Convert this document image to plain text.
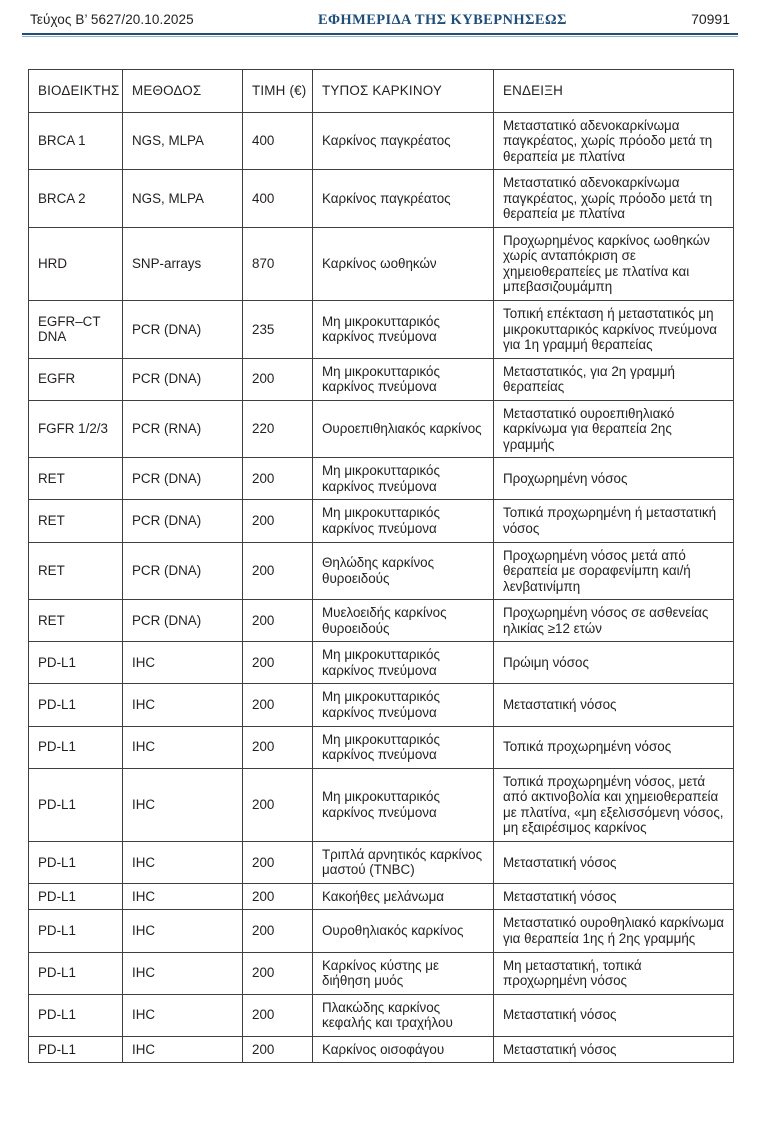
Τεύχος Β’ 5627/20.10.2025	ΕΦΗΜΕΡΙΔΑ ΤΗΣ ΚΥΒΕΡΝΗΣΕΩΣ	70991
ΒΙΟΔΕΙΚΤΗΣ	ΜΕΘΟΔΟΣ	ΤΙΜΗ (€)	ΤΥΠΟΣ ΚΑΡΚΙΝΟΥ	ΕΝΔΕΙΞΗ
BRCA 1	NGS, MLPA	400	Καρκίνος παγκρέατος	Μεταστατικό αδενοκαρκίνωμα παγκρέατος, χωρίς πρόοδο μετά τη θεραπεία με πλατίνα
BRCA 2	NGS, MLPA	400	Καρκίνος παγκρέατος	Μεταστατικό αδενοκαρκίνωμα παγκρέατος, χωρίς πρόοδο μετά τη θεραπεία με πλατίνα
HRD	SNP-arrays	870	Καρκίνος ωοθηκών	Προχωρημένος καρκίνος ωοθηκών χωρίς ανταπόκριση σε χημειοθεραπείες με πλατίνα και μπεβασιζουμάμπη
EGFR–CT DNA	PCR (DNA)	235	Μη μικροκυτταρικός καρκίνος πνεύμονα	Τοπική επέκταση ή μεταστατικός μη μικροκυτταρικός καρκίνος πνεύμονα για 1η γραμμή θεραπείας
EGFR	PCR (DNA)	200	Μη μικροκυτταρικός καρκίνος πνεύμονα	Μεταστατικός, για 2η γραμμή θεραπείας
FGFR 1/2/3	PCR (RNA)	220	Ουροεπιθηλιακός καρκίνος	Μεταστατικό ουροεπιθηλιακό καρκίνωμα για θεραπεία 2ης γραμμής
RET	PCR (DNA)	200	Μη μικροκυτταρικός καρκίνος πνεύμονα	Προχωρημένη νόσος
RET	PCR (DNA)	200	Μη μικροκυτταρικός καρκίνος πνεύμονα	Τοπικά προχωρημένη ή μεταστατική νόσος
RET	PCR (DNA)	200	Θηλώδης καρκίνος θυροειδούς	Προχωρημένη νόσος μετά από θεραπεία με σοραφενίμπη και/ή λενβατινίμπη
RET	PCR (DNA)	200	Μυελοειδής καρκίνος θυροειδούς	Προχωρημένη νόσος σε ασθενείας ηλικίας ≥12 ετών
PD-L1	IHC	200	Μη μικροκυτταρικός καρκίνος πνεύμονα	Πρώιμη νόσος
PD-L1	IHC	200	Μη μικροκυτταρικός καρκίνος πνεύμονα	Μεταστατική νόσος
PD-L1	IHC	200	Μη μικροκυτταρικός καρκίνος πνεύμονα	Τοπικά προχωρημένη νόσος
PD-L1	IHC	200	Μη μικροκυτταρικός καρκίνος πνεύμονα	Τοπικά προχωρημένη νόσος, μετά από ακτινοβολία και χημειοθεραπεία με πλατίνα, «μη εξελισσόμενη νόσος, μη εξαιρέσιμος καρκίνος
PD-L1	IHC	200	Τριπλά αρνητικός καρκίνος μαστού (TNBC)	Μεταστατική νόσος
PD-L1	IHC	200	Κακοήθες μελάνωμα	Μεταστατική νόσος
PD-L1	IHC	200	Ουροθηλιακός καρκίνος	Μεταστατικό ουροθηλιακό καρκίνωμα για θεραπεία 1ης ή 2ης γραμμής
PD-L1	IHC	200	Καρκίνος κύστης με διήθηση μυός	Μη μεταστατική, τοπικά προχωρημένη νόσος
PD-L1	IHC	200	Πλακώδης καρκίνος κεφαλής και τραχήλου	Μεταστατική νόσος
PD-L1	IHC	200	Καρκίνος οισοφάγου	Μεταστατική νόσος
